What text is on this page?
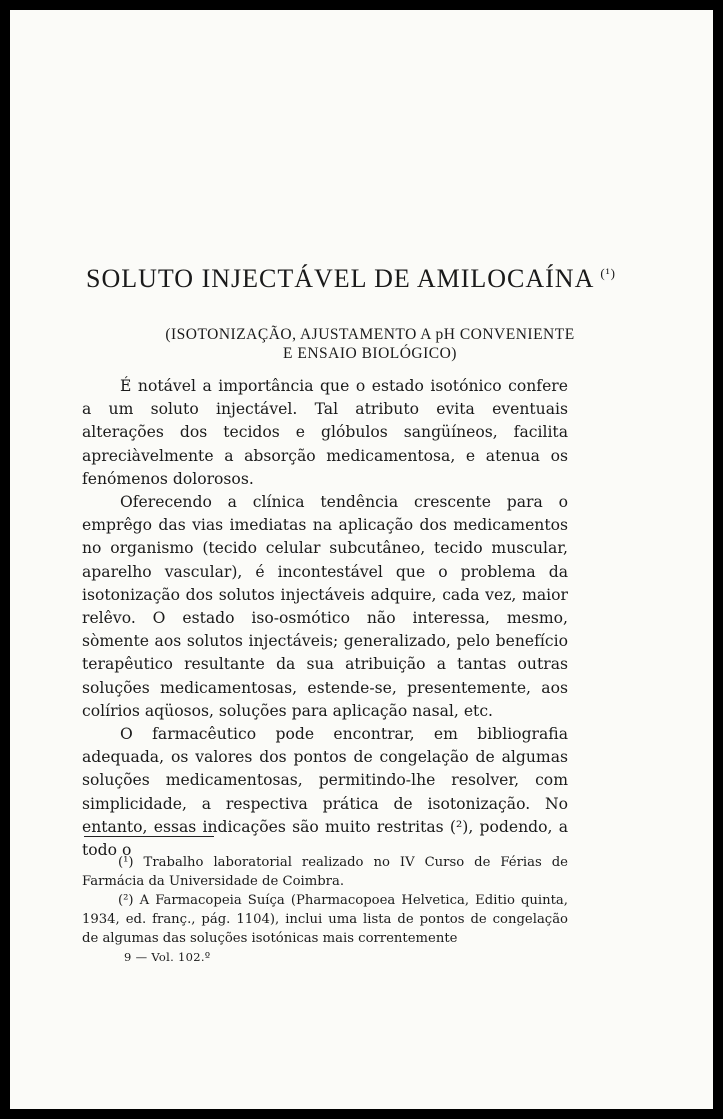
SOLUTO INJECTÁVEL DE AMILOCAÍNA $^{(^1)}$
(ISOTONIZAÇÃO, AJUSTAMENTO A pH CONVENIENTE
E ENSAIO BIOLÓGICO)

É notável a importância que o estado isotónico confere a um soluto injectável. Tal atributo evita eventuais alterações dos tecidos e glóbulos sangüíneos, facilita apreciàvelmente a absorção medicamentosa, e atenua os fenómenos dolorosos.

Oferecendo a clínica tendência crescente para o emprêgo das vias imediatas na aplicação dos medicamentos no organismo (tecido celular subcutâneo, tecido muscular, aparelho vascular), é incontestável que o problema da isotonização dos solutos injectáveis adquire, cada vez, maior relêvo. O estado iso-osmótico não interessa, mesmo, sòmente aos solutos injectáveis; generalizado, pelo benefício terapêutico resultante da sua atribuição a tantas outras soluções medicamentosas, estende-se, presentemente, aos colírios aqüosos, soluções para aplicação nasal, etc.

O farmacêutico pode encontrar, em bibliografia adequada, os valores dos pontos de congelação de algumas soluções medicamentosas, permitindo-lhe resolver, com simplicidade, a respectiva prática de isotonização. No entanto, essas indicações são muito restritas (²), podendo, a todo o

(¹) Trabalho laboratorial realizado no IV Curso de Férias de Farmácia da Universidade de Coimbra.

(²) A Farmacopeia Suíça (Pharmacopoea Helvetica, Editio quinta, 1934, ed. franç., pág. 1104), inclui uma lista de pontos de congelação de algumas das soluções isotónicas mais correntemente

9 — Vol. 102.º
